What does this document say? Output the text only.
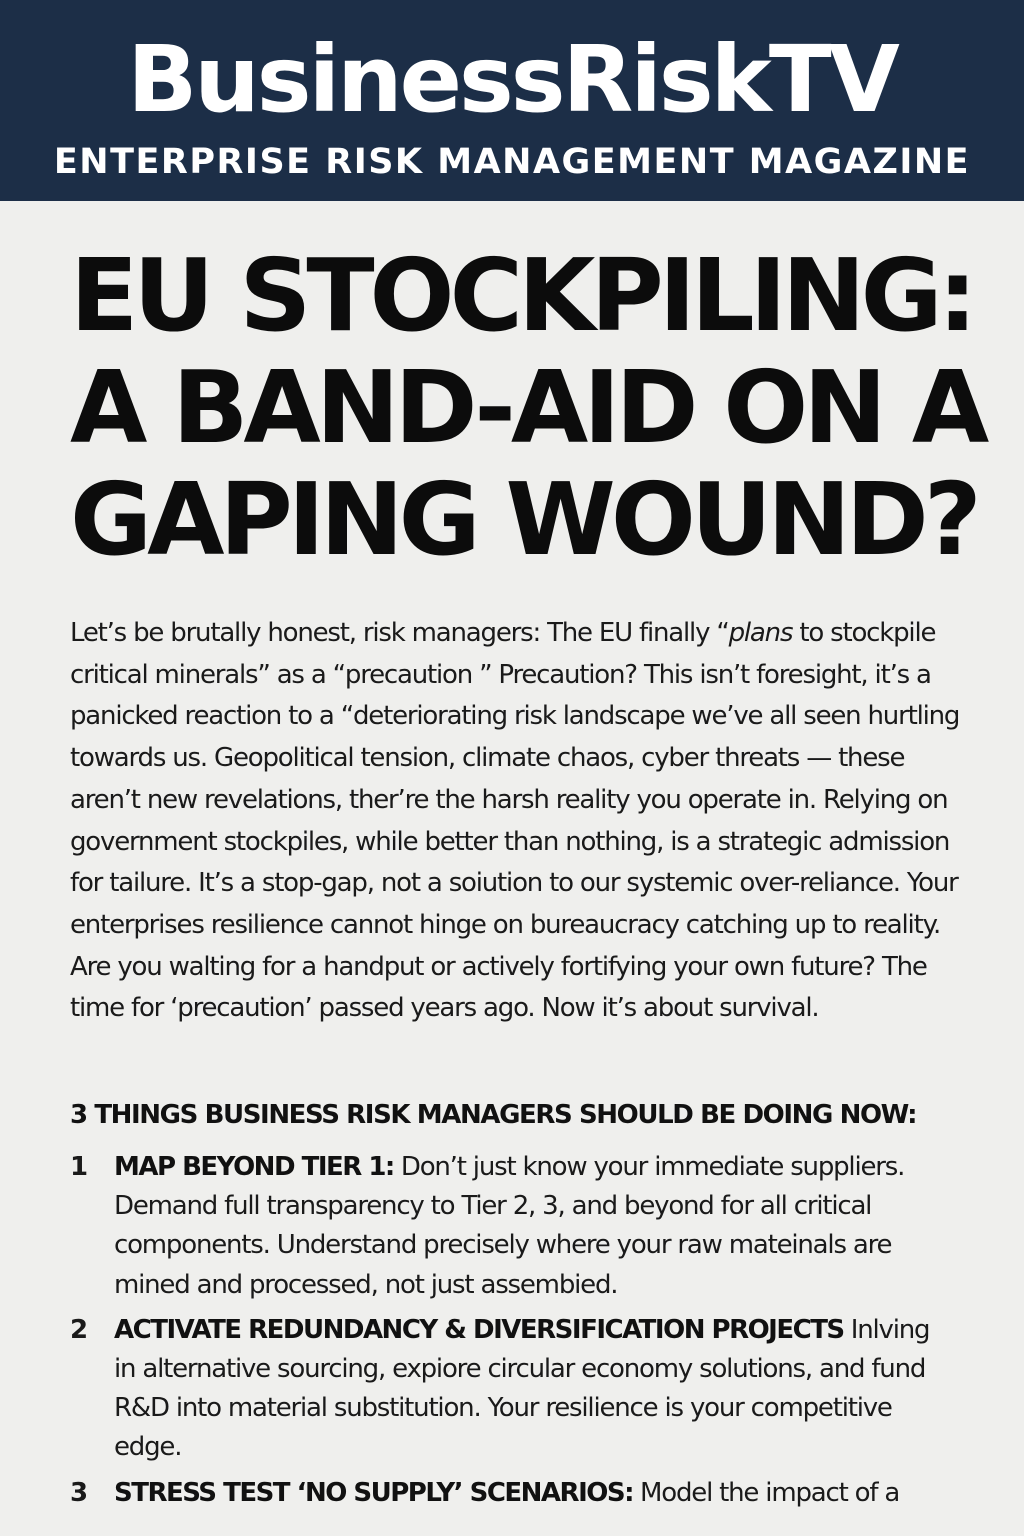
BusinessRiskTV
ENTERPRISE RISK MANAGEMENT MAGAZINE
EU STOCKPILING: A BAND-AID ON A GAPING WOUND?

Let’s be brutally honest, risk managers: The EU finally “plans to stockpile critical minerals” as a “precaution ” Precaution? This isn’t foresight, it’s a panicked reaction to a “deteriorating risk landscape we’ve all seen hurtling towards us. Geopolitical tension, climate chaos, cyber threats — these aren’t new revelations, ther’re the harsh reality you operate in. Relying on government stockpiles, while better than nothing, is a strategic admission for tailure. It’s a stop-gap, not a soiution to our systemic over-reliance. Your enterprises resilience cannot hinge on bureaucracy catching up to reality. Are you walting for a handput or actively fortifying your own future? The time for ‘precaution’ passed years ago. Now it’s about survival.

3 THINGS BUSINESS RISK MANAGERS SHOULD BE DOING NOW:
1 MAP BEYOND TIER 1: Don’t just know your immediate suppliers. Demand full transparency to Tier 2, 3, and beyond for all critical components. Understand precisely where your raw mateinals are mined and processed, not just assembied.
2 ACTIVATE REDUNDANCY & DIVERSIFICATION PROJECTS Inlving in alternative sourcing, expiore circular economy solutions, and fund R&D into material substitution. Your resilience is your competitive edge.
3 STRESS TEST ‘NO SUPPLY’ SCENARIOS: Model the impact of a
